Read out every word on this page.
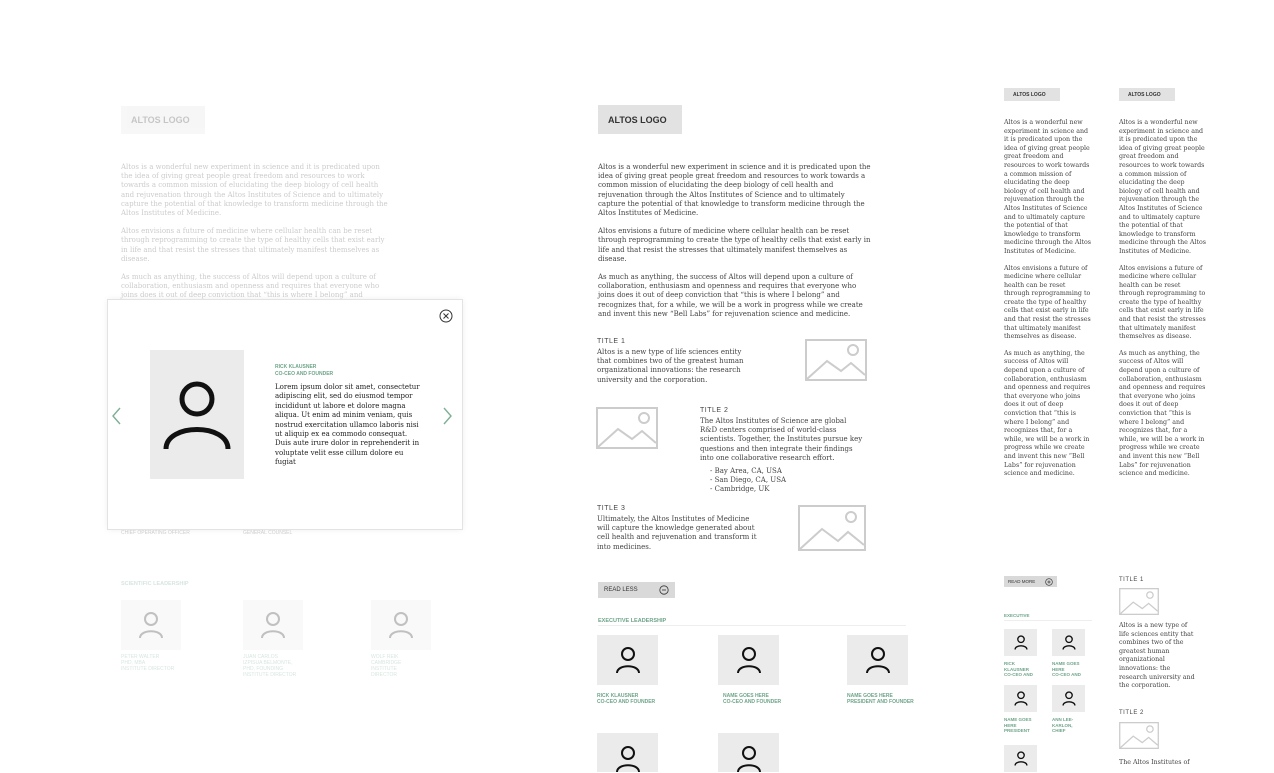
ALTOS LOGO

Altos is a wonderful new experiment in science and it is predicated upon the idea of giving great people great freedom and resources to work towards a common mission of elucidating the deep biology of cell health and rejuvenation through the Altos Institutes of Science and to ultimately capture the potential of that knowledge to transform medicine through the Altos Institutes of Medicine.

Altos envisions a future of medicine where cellular health can be reset through reprogramming to create the type of healthy cells that exist early in life and that resist the stresses that ultimately manifest themselves as disease.

As much as anything, the success of Altos will depend upon a culture of collaboration, enthusiasm and openness and requires that everyone who joins does it out of deep conviction that “this is where I belong” and

CHIEF OPERATING OFFICER	GENERAL COUNSEL
SCIENTIFIC LEADERSHIP
PETER WALTER
PHD, MBA
INSTITUTE DIRECTOR
JUAN CARLOS
IZPISUA BELMONTE,
PHD, FOUNDING
INSTITUTE DIRECTOR
WOLF REIK
CAMBRIDGE
INSTITUTE
DIRECTOR
RICK KLAUSNER
CO-CEO AND FOUNDER

Lorem ipsum dolor sit amet, consectetur adipiscing elit, sed do eiusmod tempor incididunt ut labore et dolore magna aliqua. Ut enim ad minim veniam, quis nostrud exercitation ullamco laboris nisi ut aliquip ex ea commodo consequat. Duis aute irure dolor in reprehenderit in voluptate velit esse cillum dolore eu fugiat

ALTOS LOGO

Altos is a wonderful new experiment in science and it is predicated upon the idea of giving great people great freedom and resources to work towards a common mission of elucidating the deep biology of cell health and rejuvenation through the Altos Institutes of Science and to ultimately capture the potential of that knowledge to transform medicine through the Altos Institutes of Medicine.

Altos envisions a future of medicine where cellular health can be reset through reprogramming to create the type of healthy cells that exist early in life and that resist the stresses that ultimately manifest themselves as disease.

As much as anything, the success of Altos will depend upon a culture of collaboration, enthusiasm and openness and requires that everyone who joins does it out of deep conviction that “this is where I belong” and recognizes that, for a while, we will be a work in progress while we create and invent this new “Bell Labs” for rejuvenation science and medicine.

TITLE 1

Altos is a new type of life sciences entity that combines two of the greatest human organizational innovations: the research university and the corporation.

TITLE 2

The Altos Institutes of Science are global R&D centers comprised of world-class scientists. Together, the Institutes pursue key questions and then integrate their findings into one collaborative research effort.

- Bay Area, CA, USA
- San Diego, CA, USA
- Cambridge, UK
TITLE 3

Ultimately, the Altos Institutes of Medicine will capture the knowledge generated about cell health and rejuvenation and transform it into medicines.

READ LESS
EXECUTIVE LEADERSHIP
RICK KLAUSNER
CO-CEO AND FOUNDER
NAME GOES HERE
CO-CEO AND FOUNDER
NAME GOES HERE
PRESIDENT AND FOUNDER
ALTOS LOGO

Altos is a wonderful new experiment in science and it is predicated upon the idea of giving great people great freedom and resources to work towards a common mission of elucidating the deep biology of cell health and rejuvenation through the Altos Institutes of Science and to ultimately capture the potential of that knowledge to transform medicine through the Altos Institutes of Medicine.

Altos envisions a future of medicine where cellular health can be reset through reprogramming to create the type of healthy cells that exist early in life and that resist the stresses that ultimately manifest themselves as disease.

As much as anything, the success of Altos will depend upon a culture of collaboration, enthusiasm and openness and requires that everyone who joins does it out of deep conviction that “this is where I belong” and recognizes that, for a while, we will be a work in progress while we create and invent this new “Bell Labs” for rejuvenation science and medicine.

READ MORE
EXECUTIVE
RICK
KLAUSNER
CO-CEO AND
NAME GOES
HERE
CO-CEO AND
NAME GOES
HERE
PRESIDENT
ANN LEE-
KARLON,
CHIEF
ALTOS LOGO

Altos is a wonderful new experiment in science and it is predicated upon the idea of giving great people great freedom and resources to work towards a common mission of elucidating the deep biology of cell health and rejuvenation through the Altos Institutes of Science and to ultimately capture the potential of that knowledge to transform medicine through the Altos Institutes of Medicine.

Altos envisions a future of medicine where cellular health can be reset through reprogramming to create the type of healthy cells that exist early in life and that resist the stresses that ultimately manifest themselves as disease.

As much as anything, the success of Altos will depend upon a culture of collaboration, enthusiasm and openness and requires that everyone who joins does it out of deep conviction that “this is where I belong” and recognizes that, for a while, we will be a work in progress while we create and invent this new “Bell Labs” for rejuvenation science and medicine.

TITLE 1

Altos is a new type of life sciences entity that combines two of the greatest human organizational innovations: the research university and the corporation.

TITLE 2
The Altos Institutes of
